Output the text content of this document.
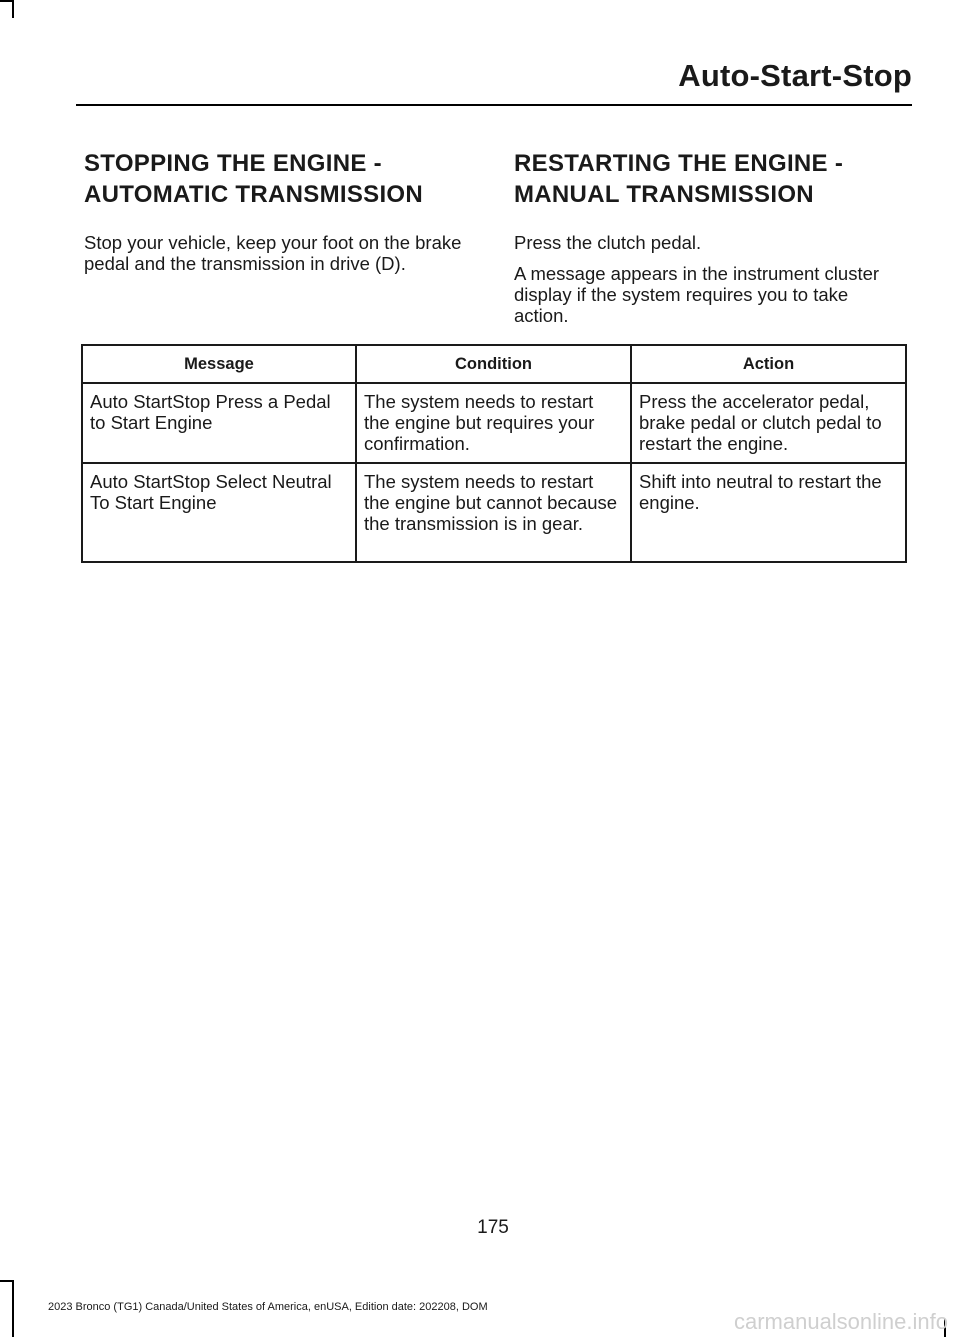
Auto-Start-Stop
STOPPING THE ENGINE -
AUTOMATIC TRANSMISSION

Stop your vehicle, keep your foot on the brake pedal and the transmission in drive (D).

RESTARTING THE ENGINE -
MANUAL TRANSMISSION

Press the clutch pedal.

A message appears in the instrument cluster display if the system requires you to take action.

Message	Condition	Action
Auto StartStop Press a Pedal to Start Engine	The system needs to restart the engine but requires your confirmation.	Press the accelerator pedal, brake pedal or clutch pedal to restart the engine.
Auto StartStop Select Neutral To Start Engine	The system needs to restart the engine but cannot because the transmission is in gear.	Shift into neutral to restart the engine.
175
2023 Bronco (TG1) Canada/United States of America, enUSA, Edition date: 202208, DOM
carmanualsonline.info
